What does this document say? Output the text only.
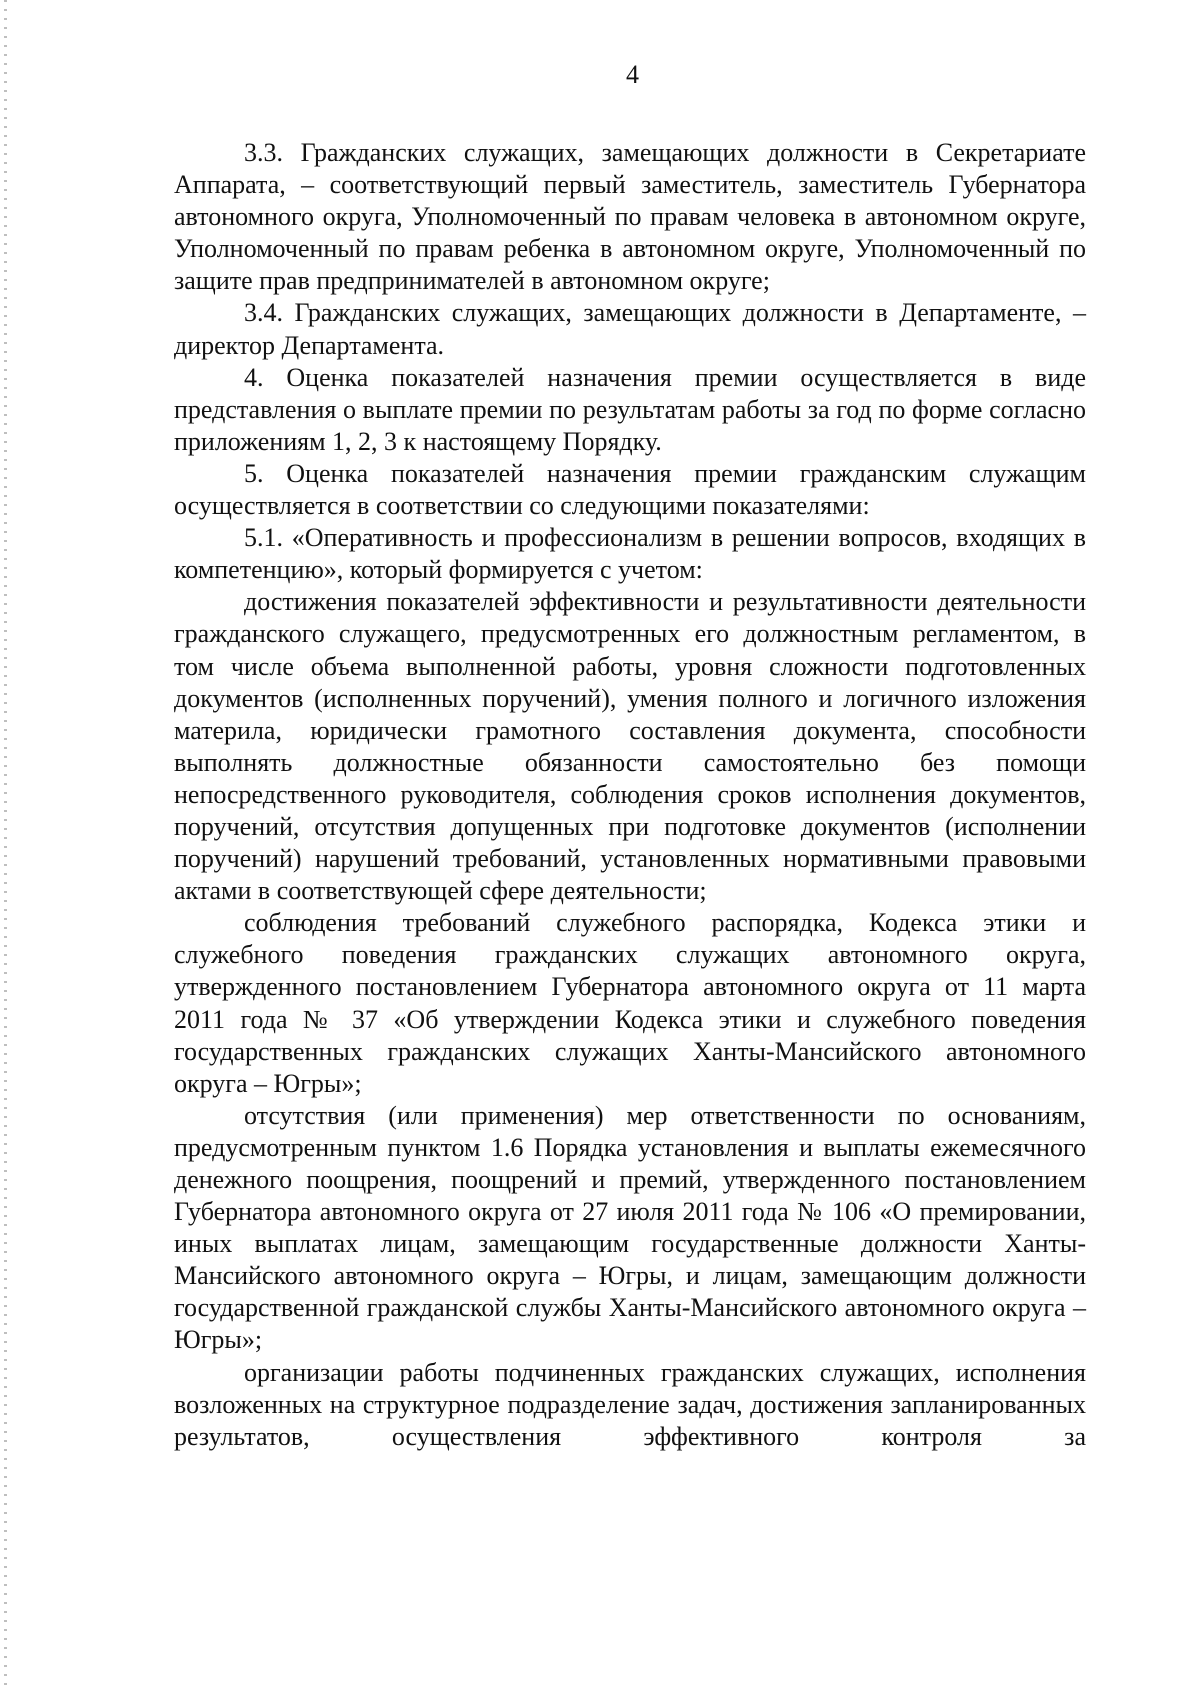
4

3.3. Гражданских служащих, замещающих должности в Секретариате Аппарата, – соответствующий первый заместитель, заместитель Губернатора автономного округа, Уполномоченный по правам человека в автономном округе, Уполномоченный по правам ребенка в автономном округе, Уполномоченный по защите прав предпринимателей в автономном округе;

3.4. Гражданских служащих, замещающих должности в Департаменте, – директор Департамента.

4. Оценка показателей назначения премии осуществляется в виде представления о выплате премии по результатам работы за год по форме согласно приложениям 1, 2, 3 к настоящему Порядку.

5. Оценка показателей назначения премии гражданским служащим осуществляется в соответствии со следующими показателями:

5.1. «Оперативность и профессионализм в решении вопросов, входящих в компетенцию», который формируется с учетом:

достижения показателей эффективности и результативности деятельности гражданского служащего, предусмотренных его должностным регламентом, в том числе объема выполненной работы, уровня сложности подготовленных документов (исполненных поручений), умения полного и логичного изложения материла, юридически грамотного составления документа, способности выполнять должностные обязанности самостоятельно без помощи непосредственного руководителя, соблюдения сроков исполнения документов, поручений, отсутствия допущенных при подготовке документов (исполнении поручений) нарушений требований, установленных нормативными правовыми актами в соответствующей сфере деятельности;

соблюдения требований служебного распорядка, Кодекса этики и служебного поведения гражданских служащих автономного округа, утвержденного постановлением Губернатора автономного округа от 11 марта 2011 года № 37 «Об утверждении Кодекса этики и служебного поведения государственных гражданских служащих Ханты-Мансийского автономного округа – Югры»;

отсутствия (или применения) мер ответственности по основаниям, предусмотренным пунктом 1.6 Порядка установления и выплаты ежемесячного денежного поощрения, поощрений и премий, утвержденного постановлением Губернатора автономного округа от 27 июля 2011 года № 106 «О премировании, иных выплатах лицам, замещающим государственные должности Ханты-Мансийского автономного округа – Югры, и лицам, замещающим должности государственной гражданской службы Ханты-Мансийского автономного округа – Югры»;

организации работы подчиненных гражданских служащих, исполнения возложенных на структурное подразделение задач, достижения запланированных результатов, осуществления эффективного контроля за
